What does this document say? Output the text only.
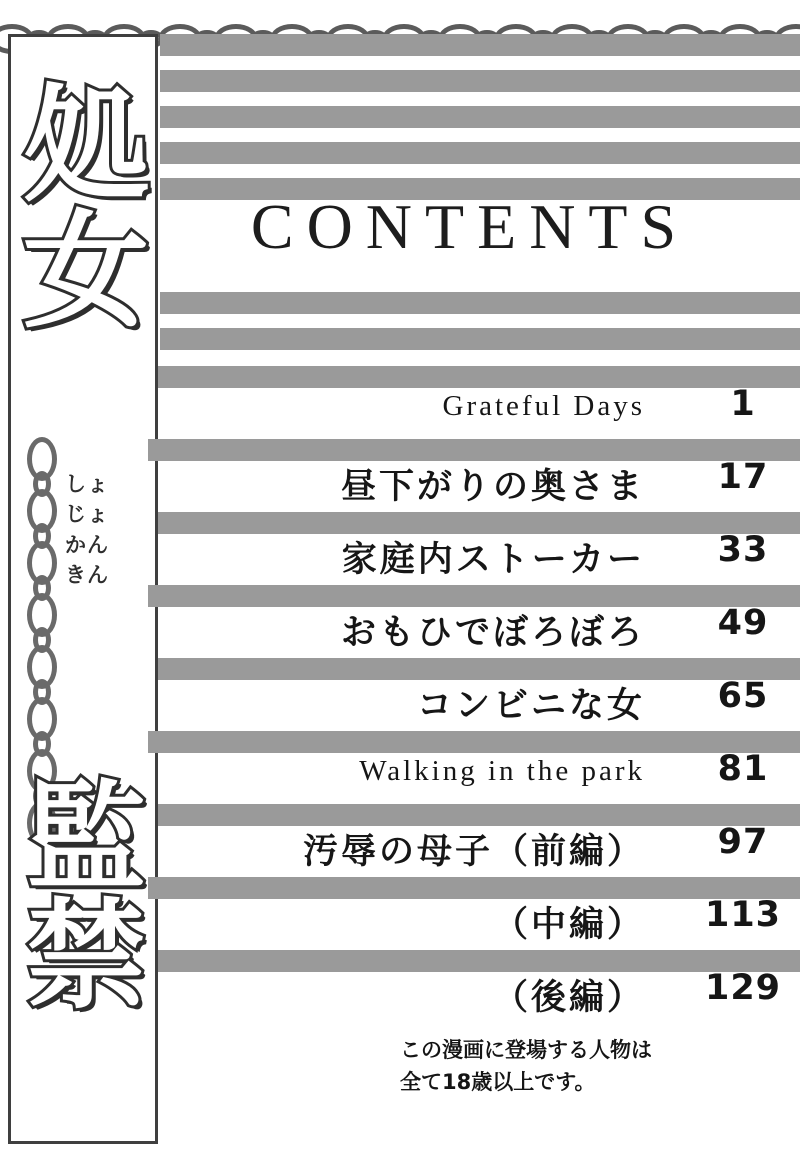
処女
しょじょかんきん
監禁
CONTENTS
Grateful Days	1
昼下がりの奥さま	17
家庭内ストーカー	33
おもひでぼろぼろ	49
コンビニな女	65
Walking in the park	81
汚辱の母子（前編）	97
（中編）	113
（後編）	129
この漫画に登場する人物は
全て18歳以上です。
